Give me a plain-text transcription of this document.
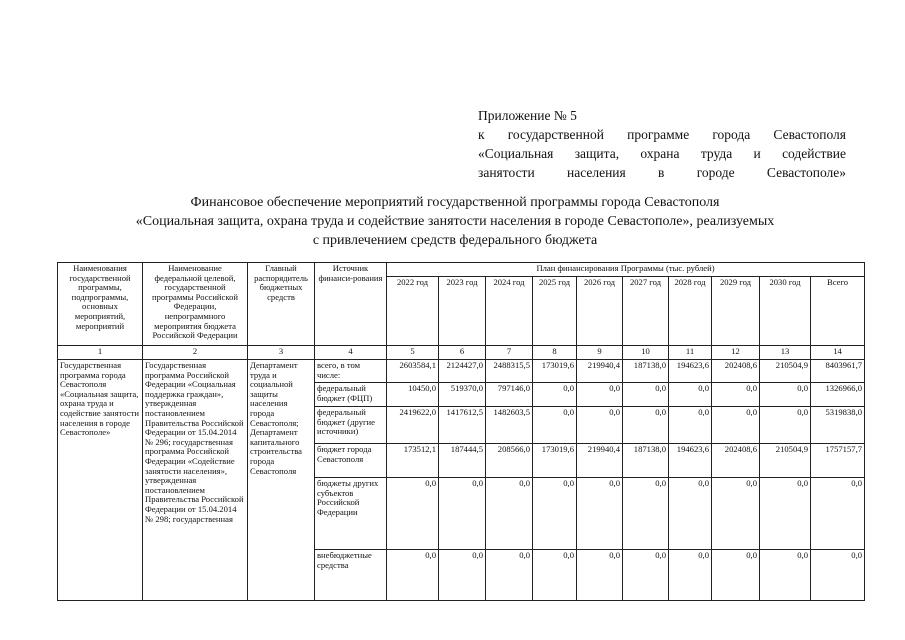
Приложение № 5
к государственной программе города Севастополя
«Социальная защита, охрана труда и содействие
занятости населения в городе Севастополе»
Финансовое обеспечение мероприятий государственной программы города Севастополя
«Социальная защита, охрана труда и содействие занятости населения в городе Севастополе», реализуемых
с привлечением средств федерального бюджета
Наименования государственной программы, подпрограммы, основных мероприятий, мероприятий	Наименование федеральной целевой, государственной программы Российской Федерации, непрограммного мероприятия бюджета Российской Федерации	Главный распорядитель бюджетных средств	Источник финанси-рования	План финансирования Программы (тыс. рублей)									
				2022 год	2023 год	2024 год	2025 год	2026 год	2027 год	2028 год	2029 год	2030 год	Всего
1	2	3	4	5	6	7	8	9	10	11	12	13	14
Государственная программа города Севастополя «Социальная защита, охрана труда и содействие занятости населения в городе Севастополе»	Государственная программа Российской Федерации «Социальная поддержка граждан», утвержденная постановлением Правительства Российской Федерации от 15.04.2014 № 296; государственная программа Российской Федерации «Содействие занятости населения», утвержденная постановлением Правительства Российской Федерации от 15.04.2014 № 298; государственная	Департамент труда и социальной защиты населения города Севастополя; Департамент капитального строительства города Севастополя	всего, в том числе:	2603584,1	2124427,0	2488315,5	173019,6	219940,4	187138,0	194623,6	202408,6	210504,9	8403961,7
			федеральный бюджет (ФЦП)	10450,0	519370,0	797146,0	0,0	0,0	0,0	0,0	0,0	0,0	1326966,0
			федеральный бюджет (другие источники)	2419622,0	1417612,5	1482603,5	0,0	0,0	0,0	0,0	0,0	0,0	5319838,0
			бюджет города Севастополя	173512,1	187444,5	208566,0	173019,6	219940,4	187138,0	194623,6	202408,6	210504,9	1757157,7
			бюджеты других субъектов Российской Федерации	0,0	0,0	0,0	0,0	0,0	0,0	0,0	0,0	0,0	0,0
			внебюджетные средства	0,0	0,0	0,0	0,0	0,0	0,0	0,0	0,0	0,0	0,0
